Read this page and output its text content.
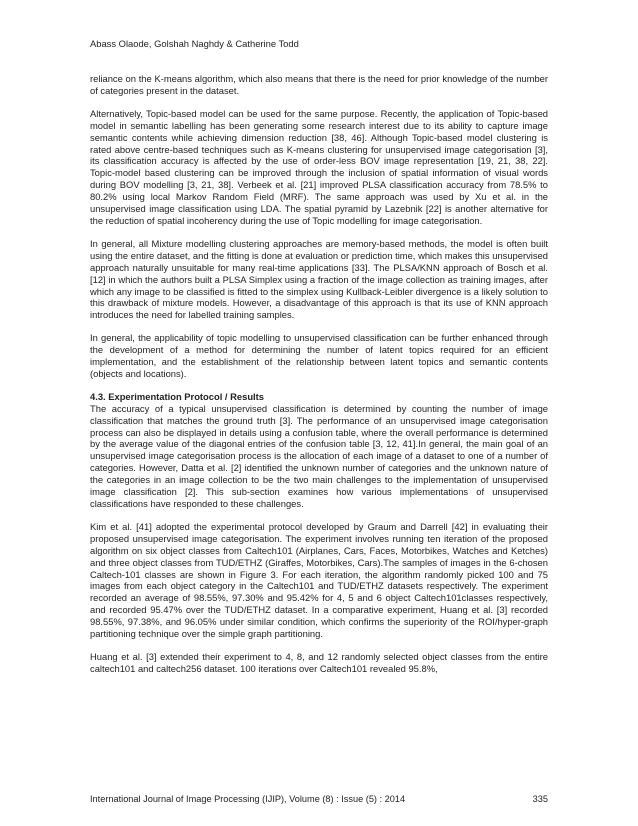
Abass Olaode, Golshah Naghdy & Catherine Todd

reliance on the K-means algorithm, which also means that there is the need for prior knowledge of the number of categories present in the dataset.

Alternatively, Topic-based model can be used for the same purpose. Recently, the application of Topic-based model in semantic labelling has been generating some research interest due to its ability to capture image semantic contents while achieving dimension reduction [38, 46]. Although Topic-based model clustering is rated above centre-based techniques such as K-means clustering for unsupervised image categorisation [3], its classification accuracy is affected by the use of order-less BOV image representation [19, 21, 38, 22]. Topic-model based clustering can be improved through the inclusion of spatial information of visual words during BOV modelling [3, 21, 38]. Verbeek et al. [21] improved PLSA classification accuracy from 78.5% to 80.2% using local Markov Random Field (MRF). The same approach was used by Xu et al. in the unsupervised image classification using LDA. The spatial pyramid by Lazebnik [22] is another alternative for the reduction of spatial incoherency during the use of Topic modelling for image categorisation.

In general, all Mixture modelling clustering approaches are memory-based methods, the model is often built using the entire dataset, and the fitting is done at evaluation or prediction time, which makes this unsupervised approach naturally unsuitable for many real-time applications [33]. The PLSA/KNN approach of Bosch et al. [12] in which the authors built a PLSA Simplex using a fraction of the image collection as training images, after which any image to be classified is fitted to the simplex using Kullback-Leibler divergence is a likely solution to this drawback of mixture models. However, a disadvantage of this approach is that its use of KNN approach introduces the need for labelled training samples.

In general, the applicability of topic modelling to unsupervised classification can be further enhanced through the development of a method for determining the number of latent topics required for an efficient implementation, and the establishment of the relationship between latent topics and semantic contents (objects and locations).

4.3. Experimentation Protocol / Results

The accuracy of a typical unsupervised classification is determined by counting the number of image classification that matches the ground truth [3]. The performance of an unsupervised image categorisation process can also be displayed in details using a confusion table, where the overall performance is determined by the average value of the diagonal entries of the confusion table [3, 12, 41].In general, the main goal of an unsupervised image categorisation process is the allocation of each image of a dataset to one of a number of categories. However, Datta et al. [2] identified the unknown number of categories and the unknown nature of the categories in an image collection to be the two main challenges to the implementation of unsupervised image classification [2]. This sub-section examines how various implementations of unsupervised classifications have responded to these challenges.

Kim et al. [41] adopted the experimental protocol developed by Graum and Darrell [42] in evaluating their proposed unsupervised image categorisation. The experiment involves running ten iteration of the proposed algorithm on six object classes from Caltech101 (Airplanes, Cars, Faces, Motorbikes, Watches and Ketches) and three object classes from TUD/ETHZ (Giraffes, Motorbikes, Cars).The samples of images in the 6-chosen Caltech-101 classes are shown in Figure 3. For each iteration, the algorithm randomly picked 100 and 75 images from each object category in the Caltech101 and TUD/ETHZ datasets respectively. The experiment recorded an average of 98.55%, 97.30% and 95.42% for 4, 5 and 6 object Caltech101classes respectively, and recorded 95.47% over the TUD/ETHZ dataset. In a comparative experiment, Huang et al. [3] recorded 98.55%, 97.38%, and 96.05% under similar condition, which confirms the superiority of the ROI/hyper-graph partitioning technique over the simple graph partitioning.

Huang et al. [3] extended their experiment to 4, 8, and 12 randomly selected object classes from the entire caltech101 and caltech256 dataset. 100 iterations over Caltech101 revealed 95.8%,

International Journal of Image Processing (IJIP), Volume (8) : Issue (5) : 2014	335
